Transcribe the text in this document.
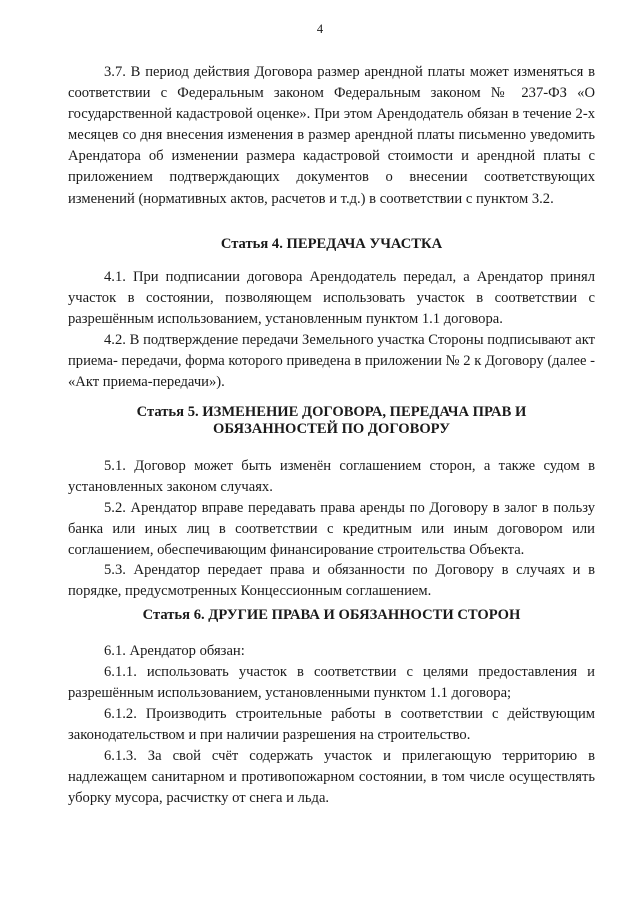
4

3.7. В период действия Договора размер арендной платы может изменяться в соответствии с Федеральным законом Федеральным законом № 237-ФЗ «О государственной кадастровой оценке». При этом Арендодатель обязан в течение 2-х месяцев со дня внесения изменения в размер арендной платы письменно уведомить Арендатора об изменении размера кадастровой стоимости и арендной платы с приложением подтверждающих документов о внесении соответствующих изменений (нормативных актов, расчетов и т.д.) в соответствии с пунктом 3.2.

Статья 4. ПЕРЕДАЧА УЧАСТКА

4.1. При подписании договора Арендодатель передал, а Арендатор принял участок в состоянии, позволяющем использовать участок в соответствии с разрешённым использованием, установленным пунктом 1.1 договора.

4.2. В подтверждение передачи Земельного участка Стороны подписывают акт приема- передачи, форма которого приведена в приложении № 2 к Договору (далее - «Акт приема-передачи»).

Статья 5. ИЗМЕНЕНИЕ ДОГОВОРА, ПЕРЕДАЧА ПРАВ И
ОБЯЗАННОСТЕЙ ПО ДОГОВОРУ

5.1. Договор может быть изменён соглашением сторон, а также судом в установленных законом случаях.

5.2. Арендатор вправе передавать права аренды по Договору в залог в пользу банка или иных лиц в соответствии с кредитным или иным договором или соглашением, обеспечивающим финансирование строительства Объекта.

5.3. Арендатор передает права и обязанности по Договору в случаях и в порядке, предусмотренных Концессионным соглашением.

Статья 6. ДРУГИЕ ПРАВА И ОБЯЗАННОСТИ СТОРОН

6.1. Арендатор обязан:

6.1.1. использовать участок в соответствии с целями предоставления и разрешённым использованием, установленными пунктом 1.1 договора;

6.1.2. Производить строительные работы в соответствии с действующим законодательством и при наличии разрешения на строительство.

6.1.3. За свой счёт содержать участок и прилегающую территорию в надлежащем санитарном и противопожарном состоянии, в том числе осуществлять уборку мусора, расчистку от снега и льда.
